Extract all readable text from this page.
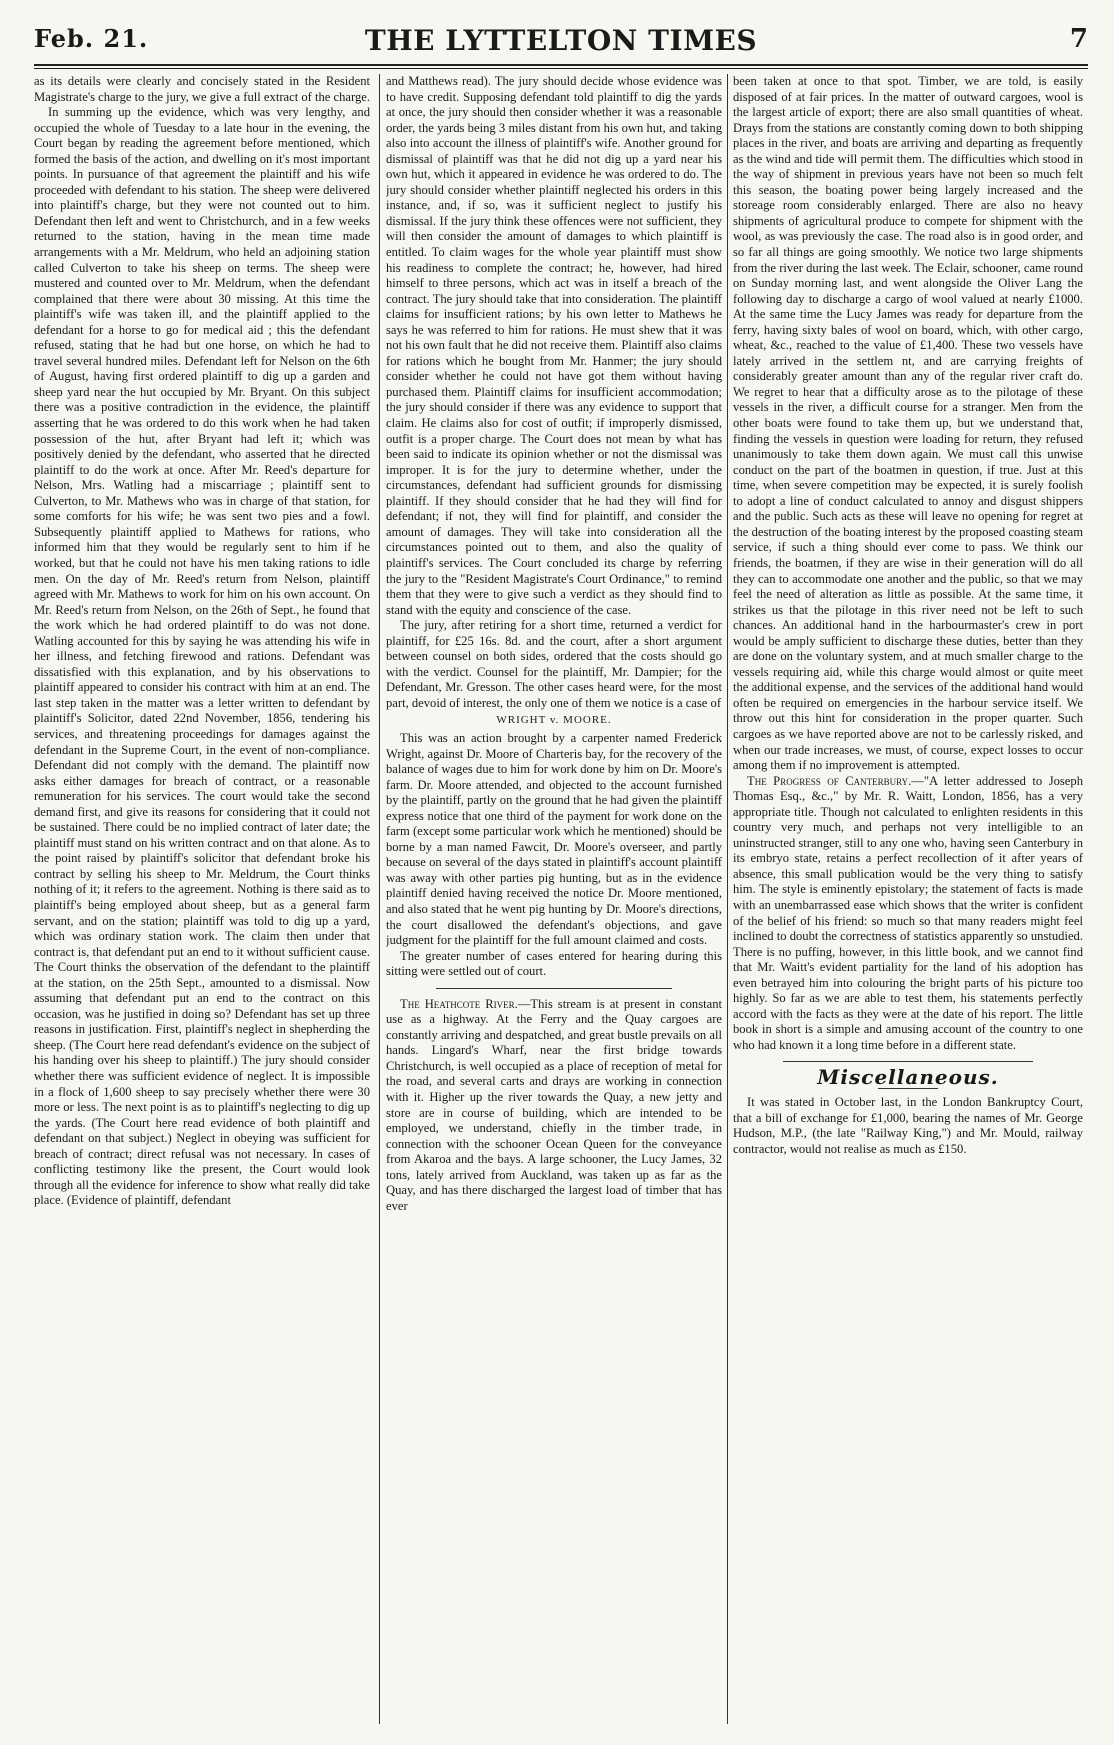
Feb. 21.	THE LYTTELTON TIMES	7

as its details were clearly and concisely stated in the Resident Magistrate's charge to the jury, we give a full extract of the charge.

In summing up the evidence, which was very lengthy, and occupied the whole of Tuesday to a late hour in the evening, the Court began by reading the agreement before mentioned, which formed the basis of the action, and dwelling on it's most important points. In pursuance of that agreement the plaintiff and his wife proceeded with defendant to his station. The sheep were delivered into plaintiff's charge, but they were not counted out to him. Defendant then left and went to Christchurch, and in a few weeks returned to the station, having in the mean time made arrangements with a Mr. Meldrum, who held an adjoining station called Culverton to take his sheep on terms. The sheep were mustered and counted over to Mr. Meldrum, when the defendant complained that there were about 30 missing. At this time the plaintiff's wife was taken ill, and the plaintiff applied to the defendant for a horse to go for medical aid ; this the defendant refused, stating that he had but one horse, on which he had to travel several hundred miles. Defendant left for Nelson on the 6th of August, having first ordered plaintiff to dig up a garden and sheep yard near the hut occupied by Mr. Bryant. On this subject there was a positive contradiction in the evidence, the plaintiff asserting that he was ordered to do this work when he had taken possession of the hut, after Bryant had left it; which was positively denied by the defendant, who asserted that he directed plaintiff to do the work at once. After Mr. Reed's departure for Nelson, Mrs. Watling had a miscarriage ; plaintiff sent to Culverton, to Mr. Mathews who was in charge of that station, for some comforts for his wife; he was sent two pies and a fowl. Subsequently plaintiff applied to Mathews for rations, who informed him that they would be regularly sent to him if he worked, but that he could not have his men taking rations to idle men. On the day of Mr. Reed's return from Nelson, plaintiff agreed with Mr. Mathews to work for him on his own account. On Mr. Reed's return from Nelson, on the 26th of Sept., he found that the work which he had ordered plaintiff to do was not done. Watling accounted for this by saying he was attending his wife in her illness, and fetching firewood and rations. Defendant was dissatisfied with this explanation, and by his observations to plaintiff appeared to consider his contract with him at an end. The last step taken in the matter was a letter written to defendant by plaintiff's Solicitor, dated 22nd November, 1856, tendering his services, and threatening proceedings for damages against the defendant in the Supreme Court, in the event of non-compliance. Defendant did not comply with the demand. The plaintiff now asks either damages for breach of contract, or a reasonable remuneration for his services. The court would take the second demand first, and give its reasons for considering that it could not be sustained. There could be no implied contract of later date; the plaintiff must stand on his written contract and on that alone. As to the point raised by plaintiff's solicitor that defendant broke his contract by selling his sheep to Mr. Meldrum, the Court thinks nothing of it; it refers to the agreement. Nothing is there said as to plaintiff's being employed about sheep, but as a general farm servant, and on the station; plaintiff was told to dig up a yard, which was ordinary station work. The claim then under that contract is, that defendant put an end to it without sufficient cause. The Court thinks the observation of the defendant to the plaintiff at the station, on the 25th Sept., amounted to a dismissal. Now assuming that defendant put an end to the contract on this occasion, was he justified in doing so? Defendant has set up three reasons in justification. First, plaintiff's neglect in shepherding the sheep. (The Court here read defendant's evidence on the subject of his handing over his sheep to plaintiff.) The jury should consider whether there was sufficient evidence of neglect. It is impossible in a flock of 1,600 sheep to say precisely whether there were 30 more or less. The next point is as to plaintiff's neglecting to dig up the yards. (The Court here read evidence of both plaintiff and defendant on that subject.) Neglect in obeying was sufficient for breach of contract; direct refusal was not necessary. In cases of conflicting testimony like the present, the Court would look through all the evidence for inference to show what really did take place. (Evidence of plaintiff, defendant

and Matthews read). The jury should decide whose evidence was to have credit. Supposing defendant told plaintiff to dig the yards at once, the jury should then consider whether it was a reasonable order, the yards being 3 miles distant from his own hut, and taking also into account the illness of plaintiff's wife. Another ground for dismissal of plaintiff was that he did not dig up a yard near his own hut, which it appeared in evidence he was ordered to do. The jury should consider whether plaintiff neglected his orders in this instance, and, if so, was it sufficient neglect to justify his dismissal. If the jury think these offences were not sufficient, they will then consider the amount of damages to which plaintiff is entitled. To claim wages for the whole year plaintiff must show his readiness to complete the contract; he, however, had hired himself to three persons, which act was in itself a breach of the contract. The jury should take that into consideration. The plaintiff claims for insufficient rations; by his own letter to Mathews he says he was referred to him for rations. He must shew that it was not his own fault that he did not receive them. Plaintiff also claims for rations which he bought from Mr. Hanmer; the jury should consider whether he could not have got them without having purchased them. Plaintiff claims for insufficient accommodation; the jury should consider if there was any evidence to support that claim. He claims also for cost of outfit; if improperly dismissed, outfit is a proper charge. The Court does not mean by what has been said to indicate its opinion whether or not the dismissal was improper. It is for the jury to determine whether, under the circumstances, defendant had sufficient grounds for dismissing plaintiff. If they should consider that he had they will find for defendant; if not, they will find for plaintiff, and consider the amount of damages. They will take into consideration all the circumstances pointed out to them, and also the quality of plaintiff's services. The Court concluded its charge by referring the jury to the "Resident Magistrate's Court Ordinance," to remind them that they were to give such a verdict as they should find to stand with the equity and conscience of the case.

The jury, after retiring for a short time, returned a verdict for plaintiff, for £25 16s. 8d. and the court, after a short argument between counsel on both sides, ordered that the costs should go with the verdict. Counsel for the plaintiff, Mr. Dampier; for the Defendant, Mr. Gresson. The other cases heard were, for the most part, devoid of interest, the only one of them we notice is a case of

WRIGHT v. MOORE.

This was an action brought by a carpenter named Frederick Wright, against Dr. Moore of Charteris bay, for the recovery of the balance of wages due to him for work done by him on Dr. Moore's farm. Dr. Moore attended, and objected to the account furnished by the plaintiff, partly on the ground that he had given the plaintiff express notice that one third of the payment for work done on the farm (except some particular work which he mentioned) should be borne by a man named Fawcit, Dr. Moore's overseer, and partly because on several of the days stated in plaintiff's account plaintiff was away with other parties pig hunting, but as in the evidence plaintiff denied having received the notice Dr. Moore mentioned, and also stated that he went pig hunting by Dr. Moore's directions, the court disallowed the defendant's objections, and gave judgment for the plaintiff for the full amount claimed and costs.

The greater number of cases entered for hearing during this sitting were settled out of court.

The Heathcote River.—This stream is at present in constant use as a highway. At the Ferry and the Quay cargoes are constantly arriving and despatched, and great bustle prevails on all hands. Lingard's Wharf, near the first bridge towards Christchurch, is well occupied as a place of reception of metal for the road, and several carts and drays are working in connection with it. Higher up the river towards the Quay, a new jetty and store are in course of building, which are intended to be employed, we understand, chiefly in the timber trade, in connection with the schooner Ocean Queen for the conveyance from Akaroa and the bays. A large schooner, the Lucy James, 32 tons, lately arrived from Auckland, was taken up as far as the Quay, and has there discharged the largest load of timber that has ever

been taken at once to that spot. Timber, we are told, is easily disposed of at fair prices. In the matter of outward cargoes, wool is the largest article of export; there are also small quantities of wheat. Drays from the stations are constantly coming down to both shipping places in the river, and boats are arriving and departing as frequently as the wind and tide will permit them. The difficulties which stood in the way of shipment in previous years have not been so much felt this season, the boating power being largely increased and the storeage room considerably enlarged. There are also no heavy shipments of agricultural produce to compete for shipment with the wool, as was previously the case. The road also is in good order, and so far all things are going smoothly. We notice two large shipments from the river during the last week. The Eclair, schooner, came round on Sunday morning last, and went alongside the Oliver Lang the following day to discharge a cargo of wool valued at nearly £1000. At the same time the Lucy James was ready for departure from the ferry, having sixty bales of wool on board, which, with other cargo, wheat, &c., reached to the value of £1,400. These two vessels have lately arrived in the settlem nt, and are carrying freights of considerably greater amount than any of the regular river craft do. We regret to hear that a difficulty arose as to the pilotage of these vessels in the river, a difficult course for a stranger. Men from the other boats were found to take them up, but we understand that, finding the vessels in question were loading for return, they refused unanimously to take them down again. We must call this unwise conduct on the part of the boatmen in question, if true. Just at this time, when severe competition may be expected, it is surely foolish to adopt a line of conduct calculated to annoy and disgust shippers and the public. Such acts as these will leave no opening for regret at the destruction of the boating interest by the proposed coasting steam service, if such a thing should ever come to pass. We think our friends, the boatmen, if they are wise in their generation will do all they can to accommodate one another and the public, so that we may feel the need of alteration as little as possible. At the same time, it strikes us that the pilotage in this river need not be left to such chances. An additional hand in the harbourmaster's crew in port would be amply sufficient to discharge these duties, better than they are done on the voluntary system, and at much smaller charge to the vessels requiring aid, while this charge would almost or quite meet the additional expense, and the services of the additional hand would often be required on emergencies in the harbour service itself. We throw out this hint for consideration in the proper quarter. Such cargoes as we have reported above are not to be carlessly risked, and when our trade increases, we must, of course, expect losses to occur among them if no improvement is attempted.

The Progress of Canterbury.—"A letter addressed to Joseph Thomas Esq., &c.," by Mr. R. Waitt, London, 1856, has a very appropriate title. Though not calculated to enlighten residents in this country very much, and perhaps not very intelligible to an uninstructed stranger, still to any one who, having seen Canterbury in its embryo state, retains a perfect recollection of it after years of absence, this small publication would be the very thing to satisfy him. The style is eminently epistolary; the statement of facts is made with an unembarrassed ease which shows that the writer is confident of the belief of his friend: so much so that many readers might feel inclined to doubt the correctness of statistics apparently so unstudied. There is no puffing, however, in this little book, and we cannot find that Mr. Waitt's evident partiality for the land of his adoption has even betrayed him into colouring the bright parts of his picture too highly. So far as we are able to test them, his statements perfectly accord with the facts as they were at the date of his report. The little book in short is a simple and amusing account of the country to one who had known it a long time before in a different state.

Miscellaneous.

It was stated in October last, in the London Bankruptcy Court, that a bill of exchange for £1,000, bearing the names of Mr. George Hudson, M.P., (the late "Railway King,") and Mr. Mould, railway contractor, would not realise as much as £150.
